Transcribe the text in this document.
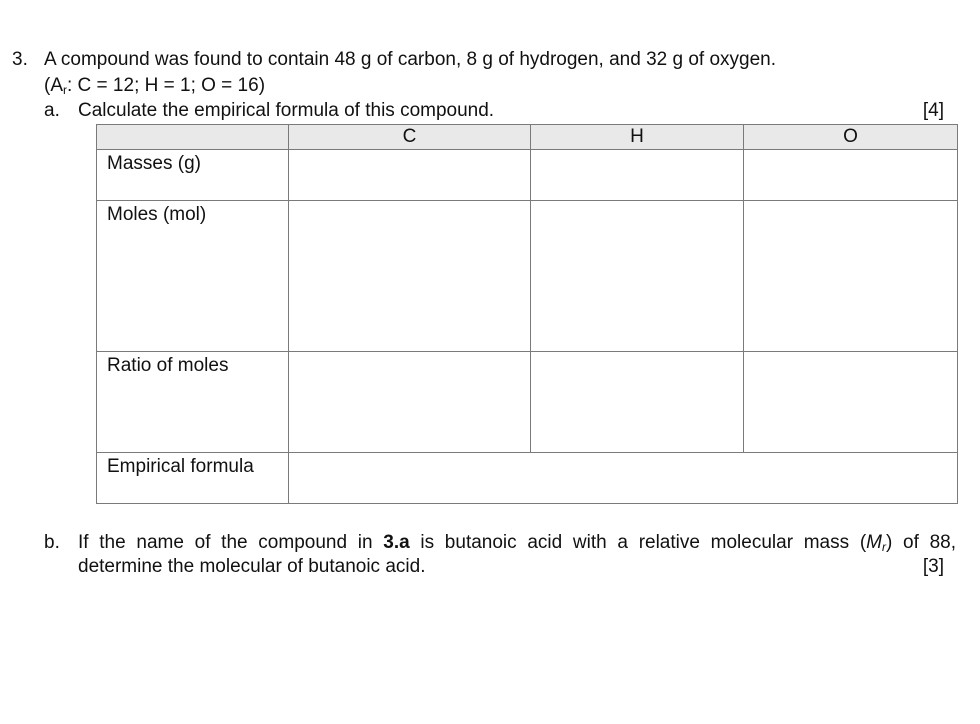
3. A compound was found to contain 48 g of carbon, 8 g of hydrogen, and 32 g of oxygen.
($A_r$: C = 12; H = 1; O = 16)
a. Calculate the empirical formula of this compound.	[4]
	C	H	O
Masses (g)			
Moles (mol)			
Ratio of moles			
Empirical formula			
b. If the name of the compound in 3.a is butanoic acid with a relative molecular mass $(M_r)$ of 88,
determine the molecular of butanoic acid.	[3]
